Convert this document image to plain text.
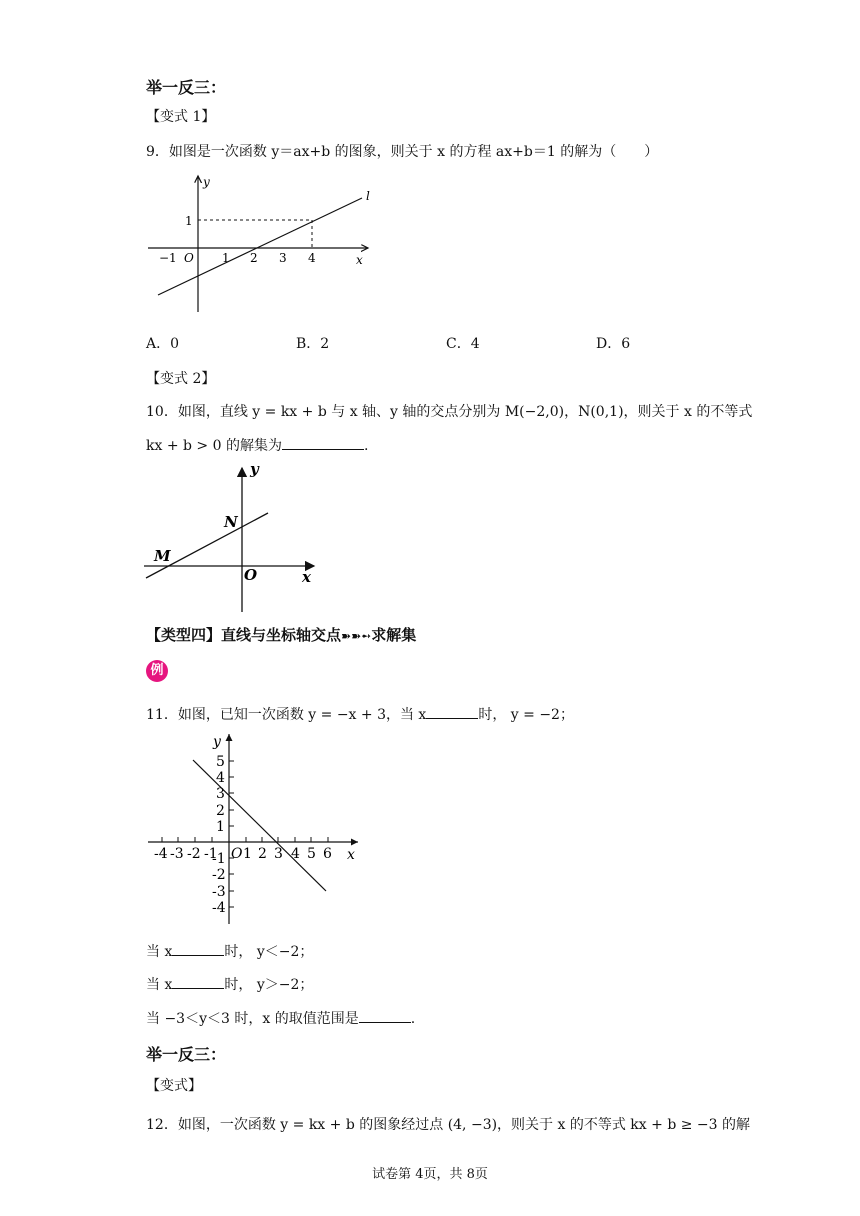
举一反三：
【变式 1】
9．如图是一次函数 y＝ax+b 的图象，则关于 x 的方程 ax+b＝1 的解为（　　）
y
x
l
O
1
−1	1 2 3 4
A．0	B．2	C．4	D．6
【变式 2】
10．如图，直线 y = kx + b 与 x 轴、y 轴的交点分别为 M(−2,0)，N(0,1)，则关于 x 的不等式
kx + b > 0 的解集为	.
y
x
O
N
M
【类型四】直线与坐标轴交点➽➽➻求解集
例
11．如图，已知一次函数 y = −x + 3，当 x	时， y = −2；
y
x
O
-4 -3 -2 -1 1 2 3 4 5 6
5
4
3
2
1
-1
-2
-3
-4
当 x	时， y＜−2；
当 x	时， y＞−2；
当 −3＜y＜3 时，x 的取值范围是	.
举一反三：
【变式】
12．如图，一次函数 y = kx + b 的图象经过点 (4, −3)，则关于 x 的不等式 kx + b ≥ −3 的解
试卷第 4页，共 8页
